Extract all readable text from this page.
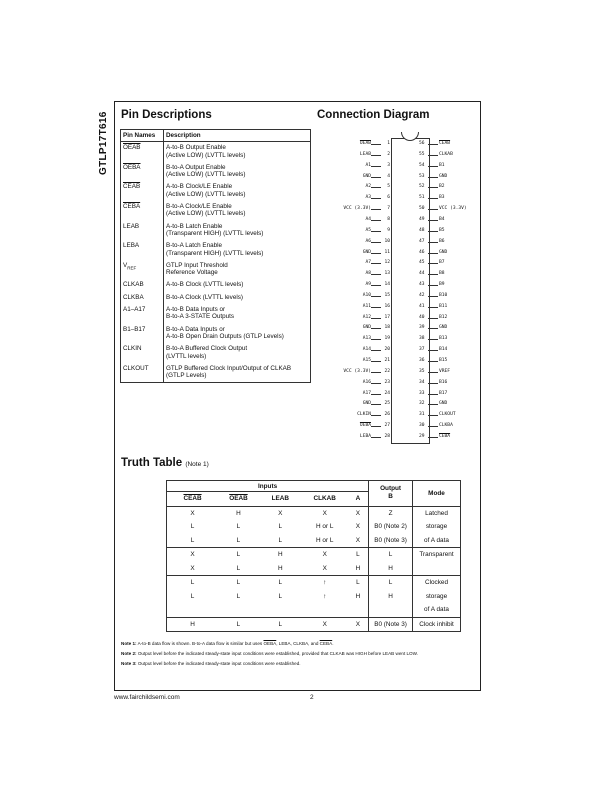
GTLP17T616 Pin Descriptions	Connection Diagram
Pin Names	Description
OEAB	A-to-B Output Enable
(Active LOW) (LVTTL levels)

OEBA	B-to-A Output Enable
(Active LOW) (LVTTL levels)

CEAB	A-to-B Clock/LE Enable
(Active LOW) (LVTTL levels)

CEBA	B-to-A Clock/LE Enable
(Active LOW) (LVTTL levels)

LEAB	A-to-B Latch Enable
(Transparent HIGH) (LVTTL levels)

LEBA	B-to-A Latch Enable
(Transparent HIGH) (LVTTL levels)

$V_{REF}$	GTLP Input Threshold
Reference Voltage

CLKAB	A-to-B Clock (LVTTL levels)

CLKBA	B-to-A Clock (LVTTL levels)

A1–A17	A-to-B Data Inputs or
B-to-A 3-STATE Outputs

B1–B17	B-to-A Data Inputs or
A-to-B Open Drain Outputs (GTLP Levels)

CLKIN	B-to-A Buffered Clock Output
(LVTTL levels)

CLKOUT	GTLP Buffered Clock Input/Output of CLKAB
(GTLP Levels)
OEAB	1
LEAB	2
A1	3
GND	4
A2	5
A3	6
VCC (3.3V)	7
A4	8
A5	9
A6	10
GND	11
A7	12
A8	13
A9	14
A10	15
A11	16
A12	17
GND	18
A13	19
A14	20
A15	21
VCC (3.3V)	22
A16	23
A17	24
GND	25
CLKIN	26
OEBA	27
LEBA	28
CEAB
56
CLKAB
55
B1
54
GND
53
B2
52
B3
51
VCC (3.3V)
50
B4
49
B5
48
B6
47
GND
46
B7
45
B8
44
B9
43
B10
42
B11
41
B12
40
GND
39
B13
38
B14
37
B15
36
VREF
35
B16
34
B17
33
GND
32
CLKOUT
31
CLKBA
30
CEBA
29
Truth Table (Note 1)
Inputs					Output
B	Mode
CEAB	OEAB	LEAB	CLKAB	A		
X	H	X	X	X	Z	Latched
L	L	L	H or L	X	B0 (Note 2)	storage
L	L	L	H or L	X	B0 (Note 3)	of A data
X	L	H	X	L	L	Transparent
X	L	H	X	H	H	
L	L	L	↑	L	L	Clocked
L	L	L	↑	H	H	storage
						of A data
H	L	L	X	X	B0 (Note 3)	Clock inhibit
Note 1: A-to-B data flow is shown. B-to-A data flow is similar but uses OEBA, LEBA, CLKBA, and CEBA.
Note 2: Output level before the indicated steady-state input conditions were established, provided that CLKAB was HIGH before LEAB went LOW.
Note 3: Output level before the indicated steady-state input conditions were established.
www.fairchildsemi.com	2
